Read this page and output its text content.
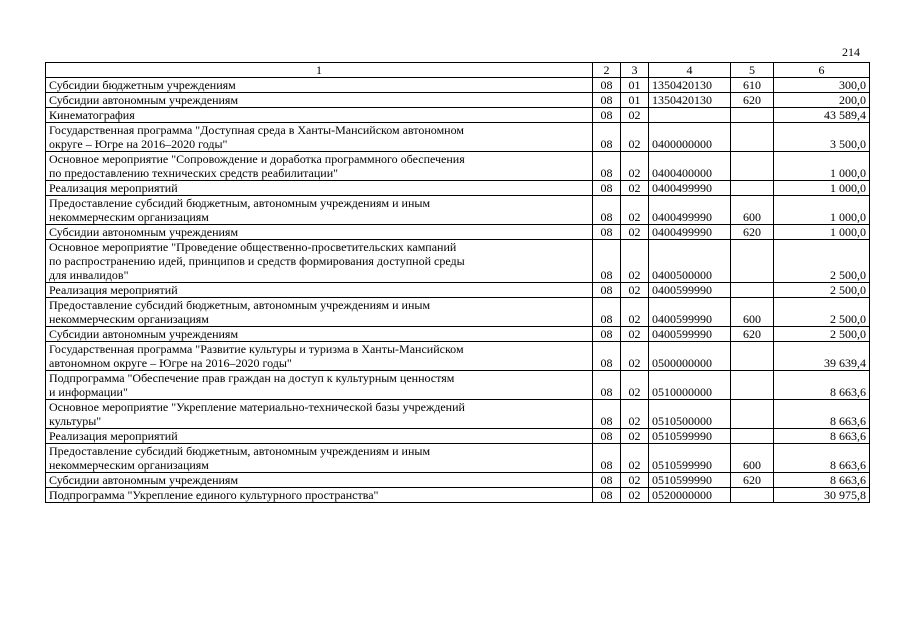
214
1	2	3	4	5	6

Субсидии бюджетным учреждениям	08	01	1350420130	610	300,0

Субсидии автономным учреждениям	08	01	1350420130	620	200,0

Кинематография	08	02			43 589,4

Государственная программа "Доступная среда в Ханты-Мансийском автономном
округе – Югре на 2016–2020 годы"	08	02	0400000000		3 500,0

Основное мероприятие "Сопровождение и доработка программного обеспечения
по предоставлению технических средств реабилитации"	08	02	0400400000		1 000,0

Реализация мероприятий	08	02	0400499990		1 000,0

Предоставление субсидий бюджетным, автономным учреждениям и иным
некоммерческим организациям	08	02	0400499990	600	1 000,0

Субсидии автономным учреждениям	08	02	0400499990	620	1 000,0

Основное мероприятие "Проведение общественно-просветительских кампаний
по распространению идей, принципов и средств формирования доступной среды
для инвалидов"	08	02	0400500000		2 500,0

Реализация мероприятий	08	02	0400599990		2 500,0

Предоставление субсидий бюджетным, автономным учреждениям и иным
некоммерческим организациям	08	02	0400599990	600	2 500,0

Субсидии автономным учреждениям	08	02	0400599990	620	2 500,0

Государственная программа "Развитие культуры и туризма в Ханты-Мансийском
автономном округе – Югре на 2016–2020 годы"	08	02	0500000000		39 639,4

Подпрограмма "Обеспечение прав граждан на доступ к культурным ценностям
и информации"	08	02	0510000000		8 663,6

Основное мероприятие "Укрепление материально-технической базы учреждений
культуры"	08	02	0510500000		8 663,6

Реализация мероприятий	08	02	0510599990		8 663,6

Предоставление субсидий бюджетным, автономным учреждениям и иным
некоммерческим организациям	08	02	0510599990	600	8 663,6

Субсидии автономным учреждениям	08	02	0510599990	620	8 663,6

Подпрограмма "Укрепление единого культурного пространства"	08	02	0520000000		30 975,8
